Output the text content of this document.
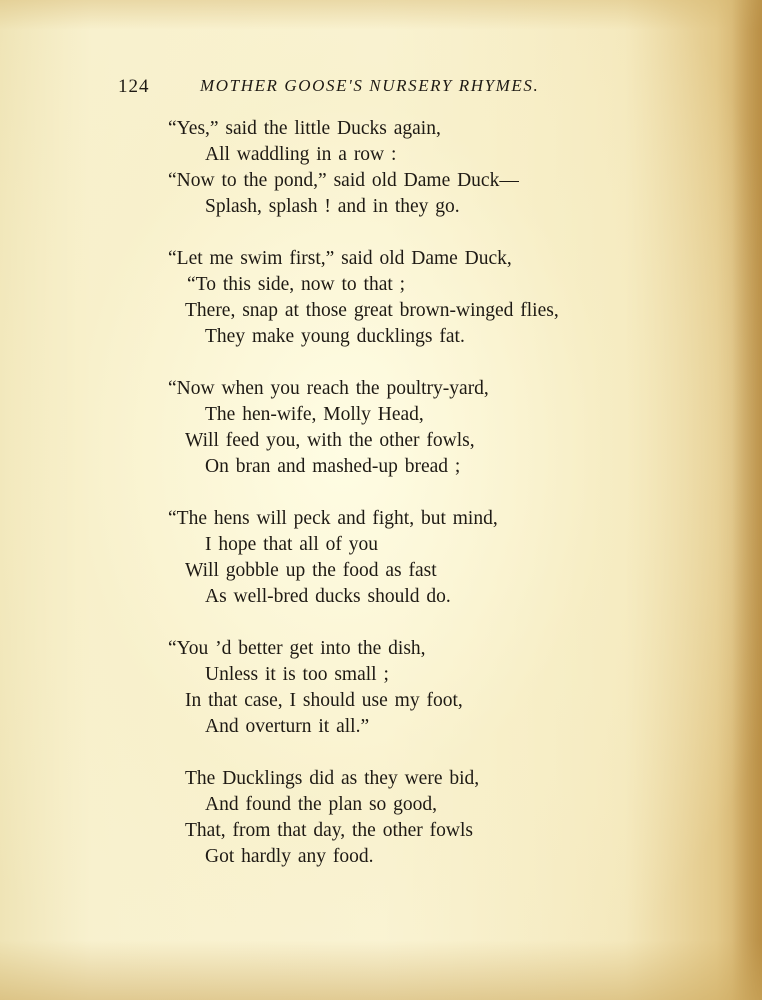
124	MOTHER GOOSE'S NURSERY RHYMES.
“Yes,” said the little Ducks again,
All waddling in a row :
“Now to the pond,” said old Dame Duck—
Splash, splash ! and in they go.
“Let me swim first,” said old Dame Duck,
“To this side, now to that ;
There, snap at those great brown-winged flies,
They make young ducklings fat.
“Now when you reach the poultry-yard,
The hen-wife, Molly Head,
Will feed you, with the other fowls,
On bran and mashed-up bread ;
“The hens will peck and fight, but mind,
I hope that all of you
Will gobble up the food as fast
As well-bred ducks should do.
“You ’d better get into the dish,
Unless it is too small ;
In that case, I should use my foot,
And overturn it all.”
The Ducklings did as they were bid,
And found the plan so good,
That, from that day, the other fowls
Got hardly any food.
